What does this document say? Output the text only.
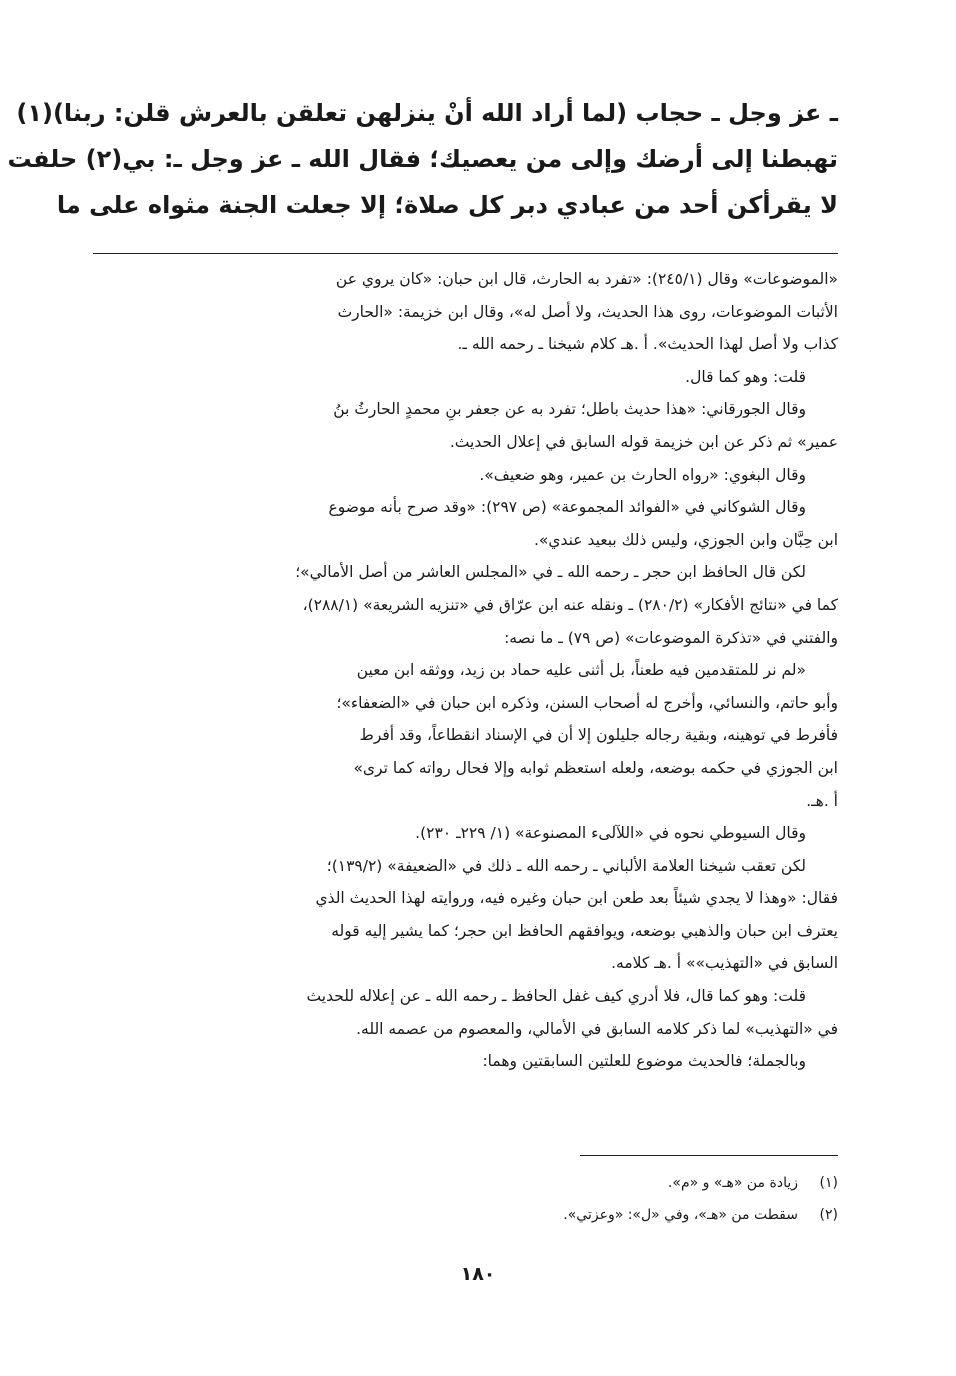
ـ عز وجل ـ حجاب (لما أراد الله أنْ ينزلهن تعلقن بالعرش قلن: ربنا)(١)
تهبطنا إلى أرضك وإلى من يعصيك؛ فقال الله ـ عز وجل ـ: بي(٢) حلفت
لا يقرأكن أحد من عبادي دبر كل صلاة؛ إلا جعلت الجنة مثواه على ما
«الموضوعات» وقال (٢٤٥/١): «تفرد به الحارث، قال ابن حبان: «كان يروي عن
الأثبات الموضوعات، روى هذا الحديث، ولا أصل له»، وقال ابن خزيمة: «الحارث
كذاب ولا أصل لهذا الحديث». أ .هـ كلام شيخنا ـ رحمه الله ـ.
قلت: وهو كما قال.
وقال الجورقاني: «هذا حديث باطل؛ تفرد به عن جعفر بنِ محمدٍ الحارثُ بنُ
عمير» ثم ذكر عن ابن خزيمة قوله السابق في إعلال الحديث.
وقال البغوي: «رواه الحارث بن عمير، وهو ضعيف».
وقال الشوكاني في «الفوائد المجموعة» (ص ٢٩٧): «وقد صرح بأنه موضوع
ابن حِبَّان وابن الجوزي، وليس ذلك ببعيد عندي».
لكن قال الحافظ ابن حجر ـ رحمه الله ـ في «المجلس العاشر من أصل الأمالي»؛
كما في «نتائج الأفكار» (٢٨٠/٢) ـ ونقله عنه ابن عرّاق في «تنزيه الشريعة» (٢٨٨/١)،
والفتني في «تذكرة الموضوعات» (ص ٧٩) ـ ما نصه:
«لم نر للمتقدمين فيه طعناً، بل أثنى عليه حماد بن زيد، ووثقه ابن معين
وأبو حاتم، والنسائي، وأخرج له أصحاب السنن، وذكره ابن حبان في «الضعفاء»؛
فأفرط في توهينه، وبقية رجاله جليلون إلا أن في الإسناد انقطاعاً، وقد أفرط
ابن الجوزي في حكمه بوضعه، ولعله استعظم ثوابه وإلا فحال رواته كما ترى»
أ .هـ.
وقال السيوطي نحوه في «اللآلىء المصنوعة» (١/ ٢٢٩ـ ٢٣٠).
لكن تعقب شيخنا العلامة الألباني ـ رحمه الله ـ ذلك في «الضعيفة» (١٣٩/٢)؛
فقال: «وهذا لا يجدي شيئاً بعد طعن ابن حبان وغيره فيه، وروايته لهذا الحديث الذي
يعترف ابن حبان والذهبي بوضعه، ويوافقهم الحافظ ابن حجر؛ كما يشير إليه قوله
السابق في «التهذيب»» أ .هـ كلامه.
قلت: وهو كما قال، فلا أدري كيف غفل الحافظ ـ رحمه الله ـ عن إعلاله للحديث
في «التهذيب» لما ذكر كلامه السابق في الأمالي، والمعصوم من عصمه الله.
وبالجملة؛ فالحديث موضوع للعلتين السابقتين وهما:
(١)زيادة من «هـ» و «م».
(٢)سقطت من «هـ»، وفي «ل»: «وعزتي».
١٨٠
